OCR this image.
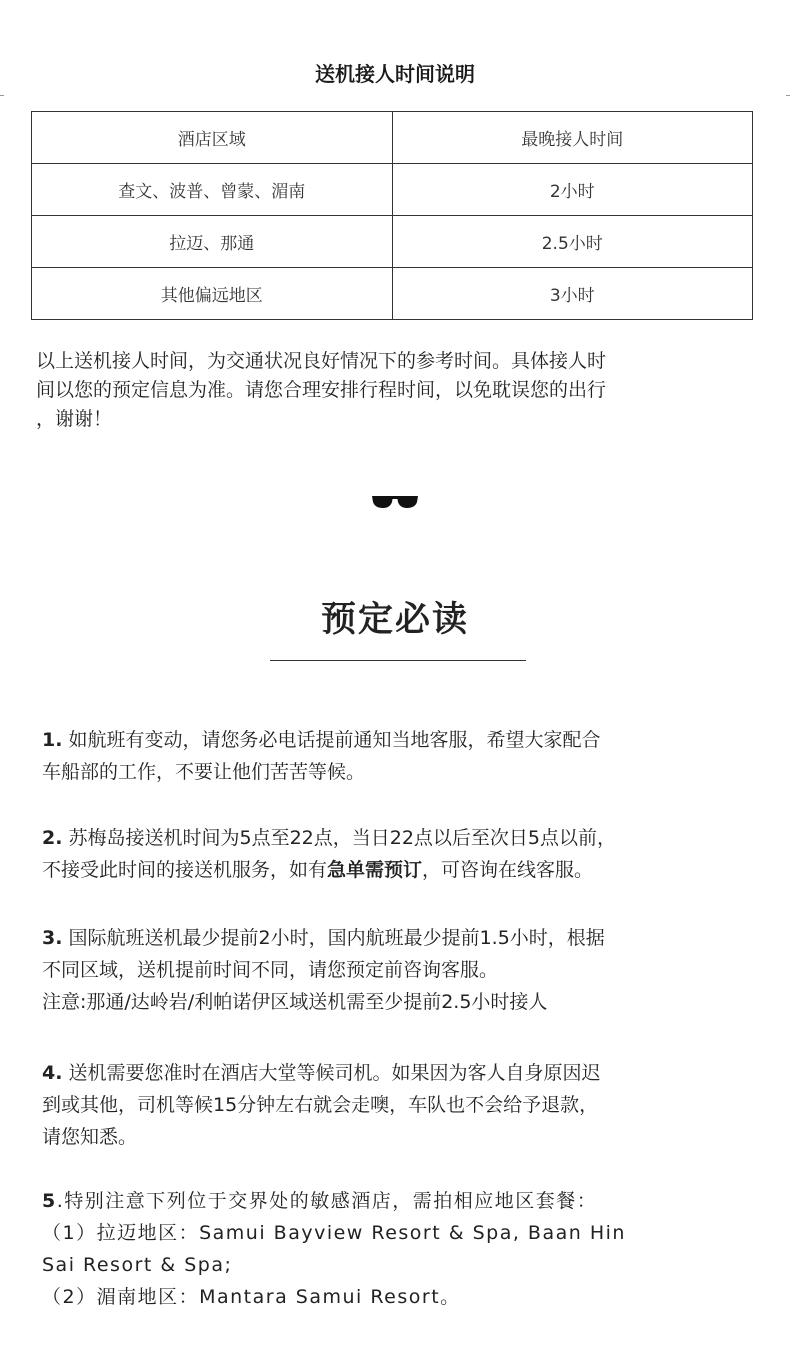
送机接人时间说明
酒店区域	最晚接人时间
查文、波普、曾蒙、湄南	2小时
拉迈、那通	2.5小时
其他偏远地区	3小时
以上送机接人时间，为交通状况良好情况下的参考时间。具体接人时
间以您的预定信息为准。请您合理安排行程时间，以免耽误您的出行
，谢谢！
预定必读
1. 如航班有变动，请您务必电话提前通知当地客服，希望大家配合
车船部的工作，不要让他们苦苦等候。
2. 苏梅岛接送机时间为5点至22点，当日22点以后至次日5点以前，
不接受此时间的接送机服务，如有急单需预订，可咨询在线客服。
3. 国际航班送机最少提前2小时，国内航班最少提前1.5小时，根据
不同区域，送机提前时间不同，请您预定前咨询客服。
注意:那通/达岭岩/利帕诺伊区域送机需至少提前2.5小时接人
4. 送机需要您准时在酒店大堂等候司机。如果因为客人自身原因迟
到或其他，司机等候15分钟左右就会走噢，车队也不会给予退款，
请您知悉。
5.特别注意下列位于交界处的敏感酒店，需拍相应地区套餐：
（1）拉迈地区：Samui Bayview Resort & Spa, Baan Hin
Sai Resort & Spa;
（2）湄南地区：Mantara Samui Resort。
